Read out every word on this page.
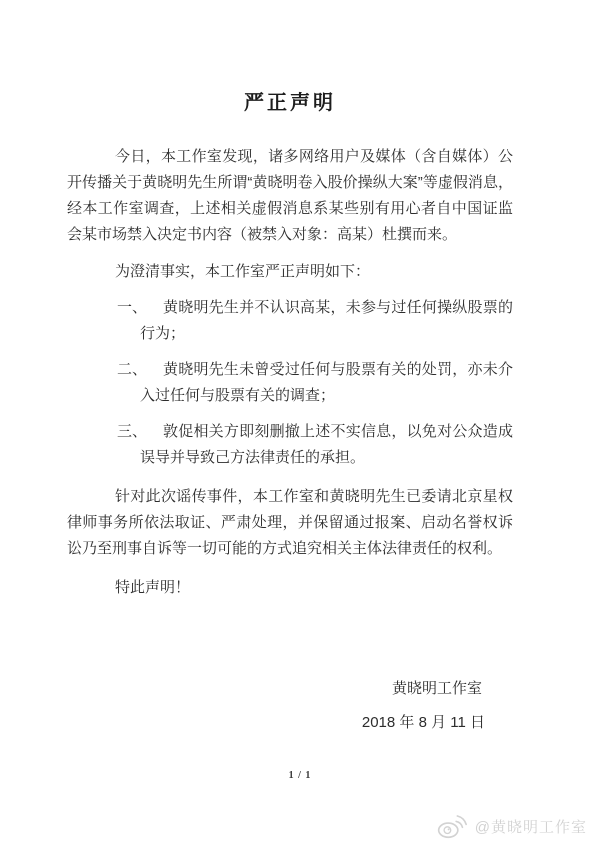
严正声明

今日，本工作室发现，诸多网络用户及媒体（含自媒体）公开传播关于黄晓明先生所谓“黄晓明卷入股价操纵大案”等虚假消息，经本工作室调查，上述相关虚假消息系某些别有用心者自中国证监会某市场禁入决定书内容（被禁入对象：高某）杜撰而来。

为澄清事实，本工作室严正声明如下：

一、	黄晓明先生并不认识高某，未参与过任何操纵股票的行为；
二、	黄晓明先生未曾受过任何与股票有关的处罚，亦未介入过任何与股票有关的调查；
三、	敦促相关方即刻删撤上述不实信息，以免对公众造成误导并导致己方法律责任的承担。

针对此次谣传事件，本工作室和黄晓明先生已委请北京星权律师事务所依法取证、严肃处理，并保留通过报案、启动名誉权诉讼乃至刑事自诉等一切可能的方式追究相关主体法律责任的权利。

特此声明！

黄晓明工作室
2018 年 8 月 11 日
1 / 1
@黄晓明工作室
